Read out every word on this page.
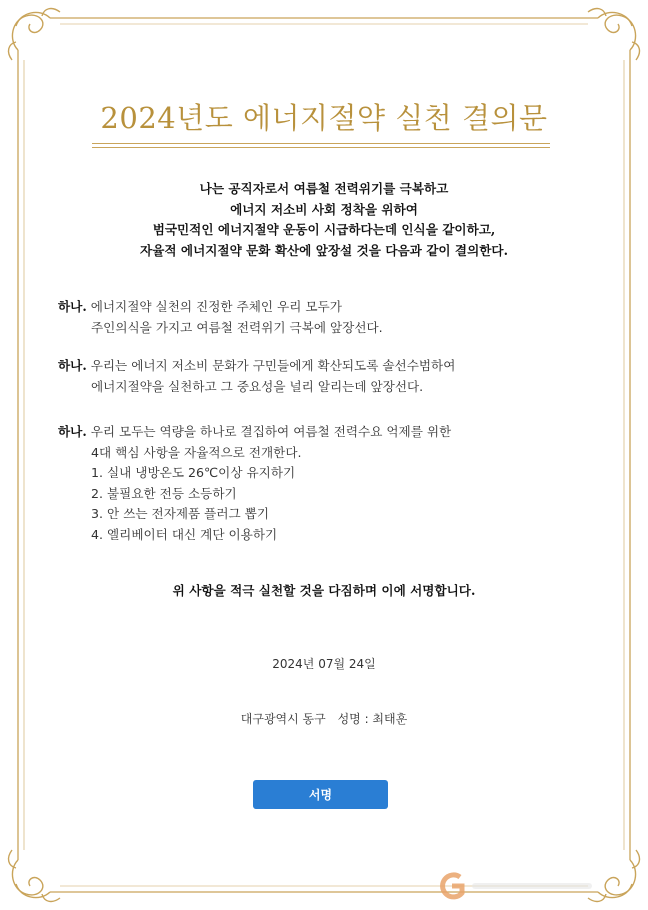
2024년도 에너지절약 실천 결의문
나는 공직자로서 여름철 전력위기를 극복하고
에너지 저소비 사회 정착을 위하여
범국민적인 에너지절약 운동이 시급하다는데 인식을 같이하고,
자율적 에너지절약 문화 확산에 앞장설 것을 다음과 같이 결의한다.
하나. 에너지절약 실천의 진정한 주체인 우리 모두가
주인의식을 가지고 여름철 전력위기 극복에 앞장선다.
하나. 우리는 에너지 저소비 문화가 구민들에게 확산되도록 솔선수범하여
에너지절약을 실천하고 그 중요성을 널리 알리는데 앞장선다.
하나. 우리 모두는 역량을 하나로 결집하여 여름철 전력수요 억제를 위한
4대 핵심 사항을 자율적으로 전개한다.
1. 실내 냉방온도 26℃이상 유지하기
2. 불필요한 전등 소등하기
3. 안 쓰는 전자제품 플러그 뽑기
4. 엘리베이터 대신 계단 이용하기
위 사항을 적극 실천할 것을 다짐하며 이에 서명합니다.
2024년 07월 24일
대구광역시 동구 성명 : 최태훈
서명
